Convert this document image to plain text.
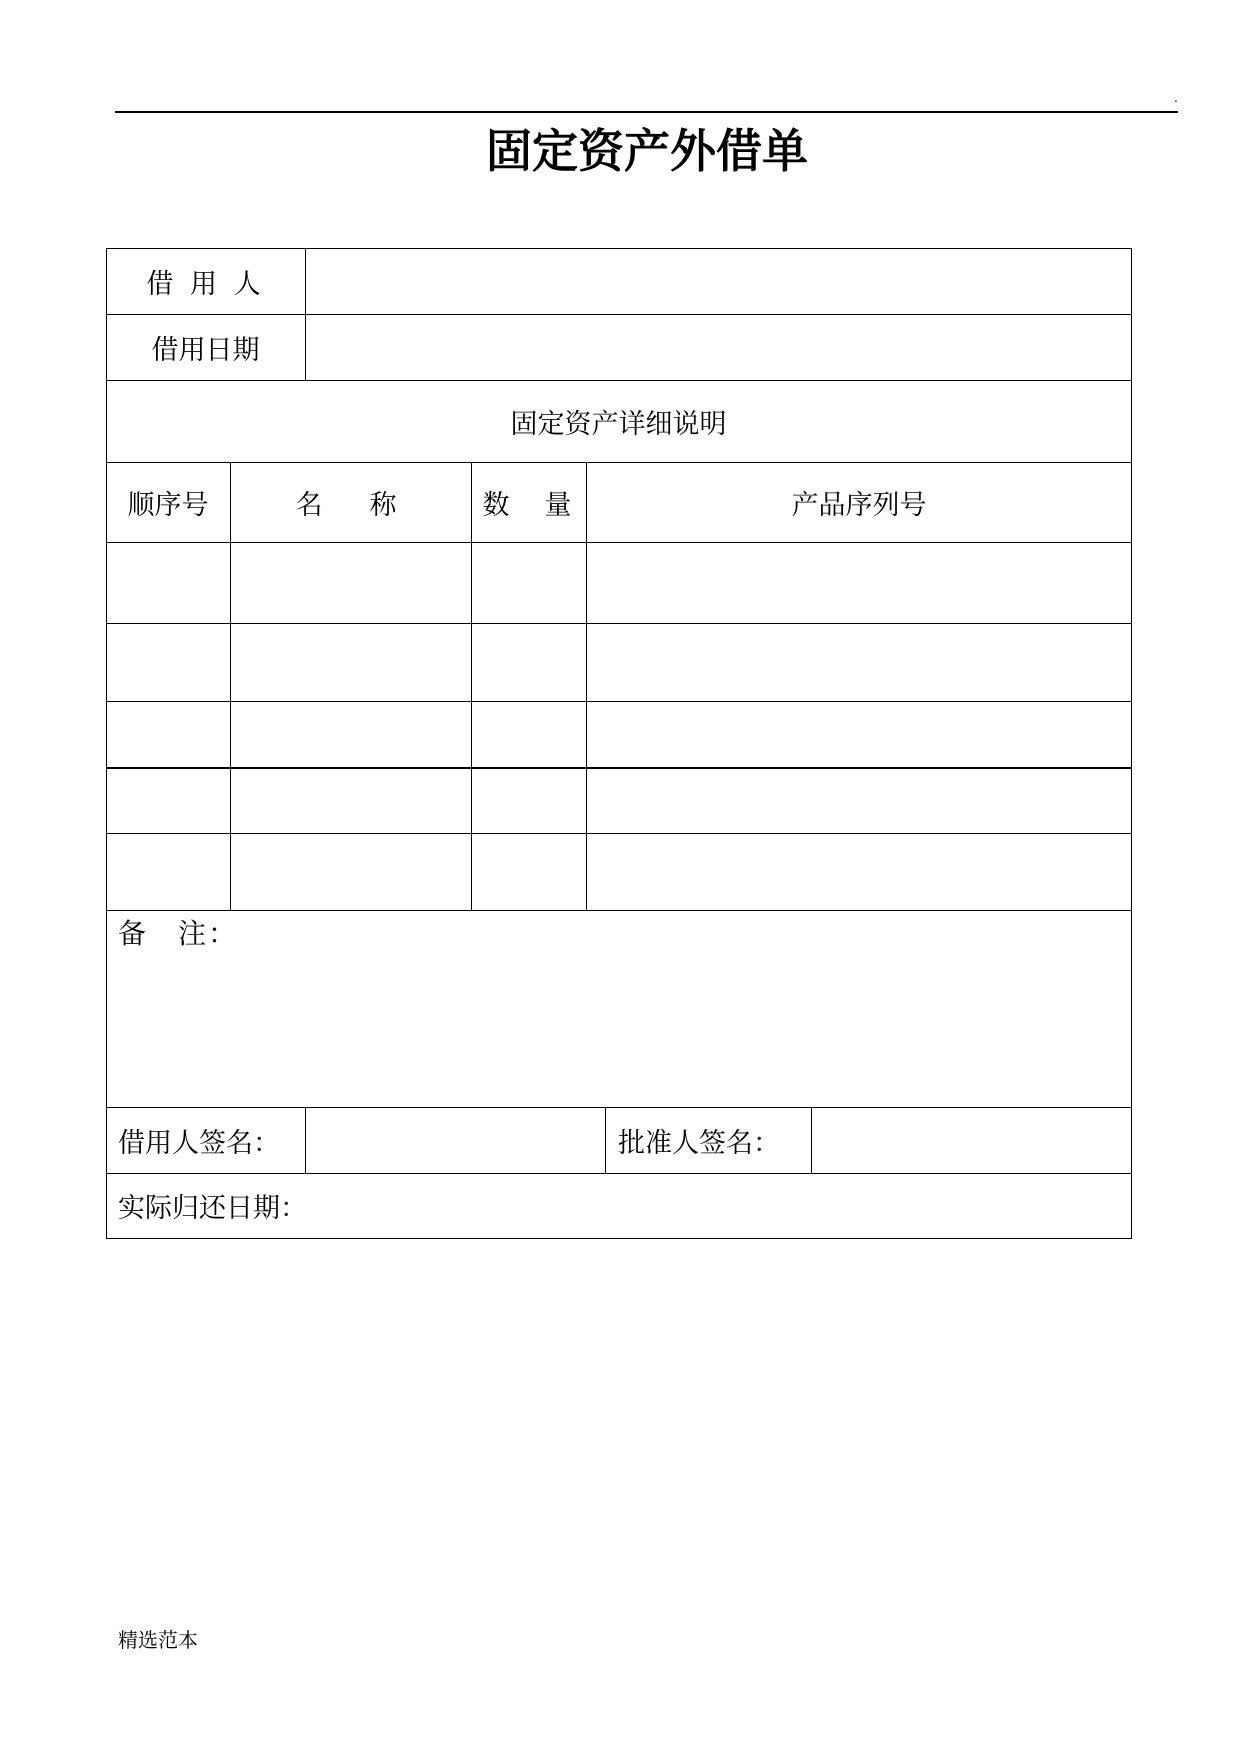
.
固定资产外借单
借 用 人
借用日期
固定资产详细说明
顺序号	名　称	数　量	产品序列号
备　注：
借用人签名：	批准人签名：
实际归还日期：
精选范本
